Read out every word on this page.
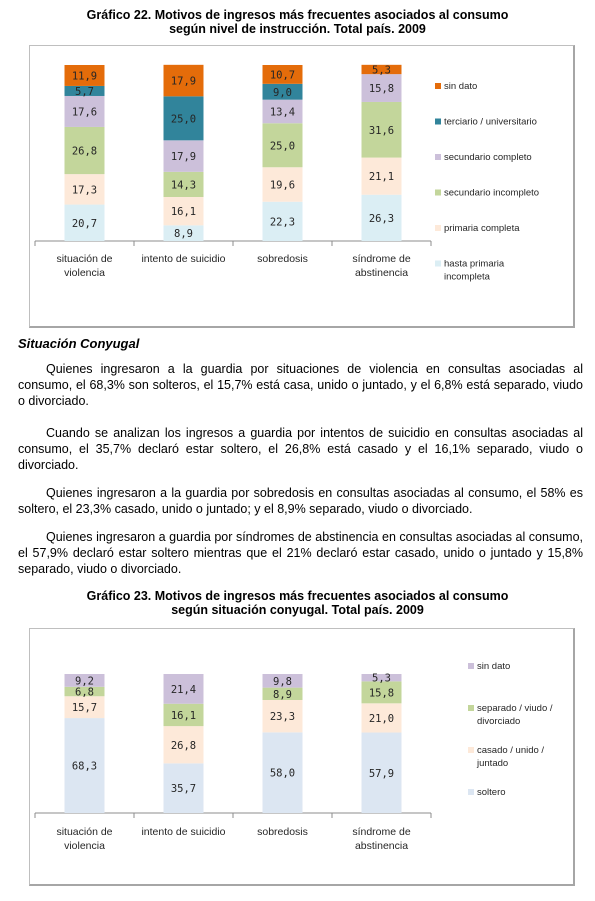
Gráfico 22. Motivos de ingresos más frecuentes asociados al consumo
según nivel de instrucción. Total país. 2009
20,7
17,3
26,8
17,6
5,7
11,9
situación de
violencia
8,9
16,1
14,3
17,9
25,0
17,9
intento de suicidio
22,3
19,6
25,0
13,4
9,0
10,7
sobredosis
26,3
21,1
31,6
15,8
5,3
síndrome de
abstinencia
sin dato
terciario / universitario
secundario completo
secundario incompleto
primaria completa
hasta primaria
incompleta
Situación Conyugal

Quienes ingresaron a la guardia por situaciones de violencia en consultas asociadas al consumo, el 68,3% son solteros, el 15,7% está casa, unido o juntado, y el 6,8% está separado, viudo o divorciado.

Cuando se analizan los ingresos a guardia por intentos de suicidio en consultas asociadas al consumo, el 35,7% declaró estar soltero, el 26,8% está casado y el 16,1% separado, viudo o divorciado.

Quienes ingresaron a la guardia por sobredosis en consultas asociadas al consumo, el 58% es soltero, el 23,3% casado, unido o juntado; y el 8,9% separado, viudo o divorciado.

Quienes ingresaron a guardia por síndromes de abstinencia en consultas asociadas al consumo, el 57,9% declaró estar soltero mientras que el 21% declaró estar casado, unido o juntado y 15,8% separado, viudo o divorciado.

Gráfico 23. Motivos de ingresos más frecuentes asociados al consumo
según situación conyugal. Total país. 2009
68,3
15,7
6,8
9,2
situación de
violencia
35,7
26,8
16,1
21,4
intento de suicidio
58,0
23,3
8,9
9,8
sobredosis
57,9
21,0
15,8
5,3
síndrome de
abstinencia
sin dato
separado / viudo /
divorciado
casado / unido /
juntado
soltero
